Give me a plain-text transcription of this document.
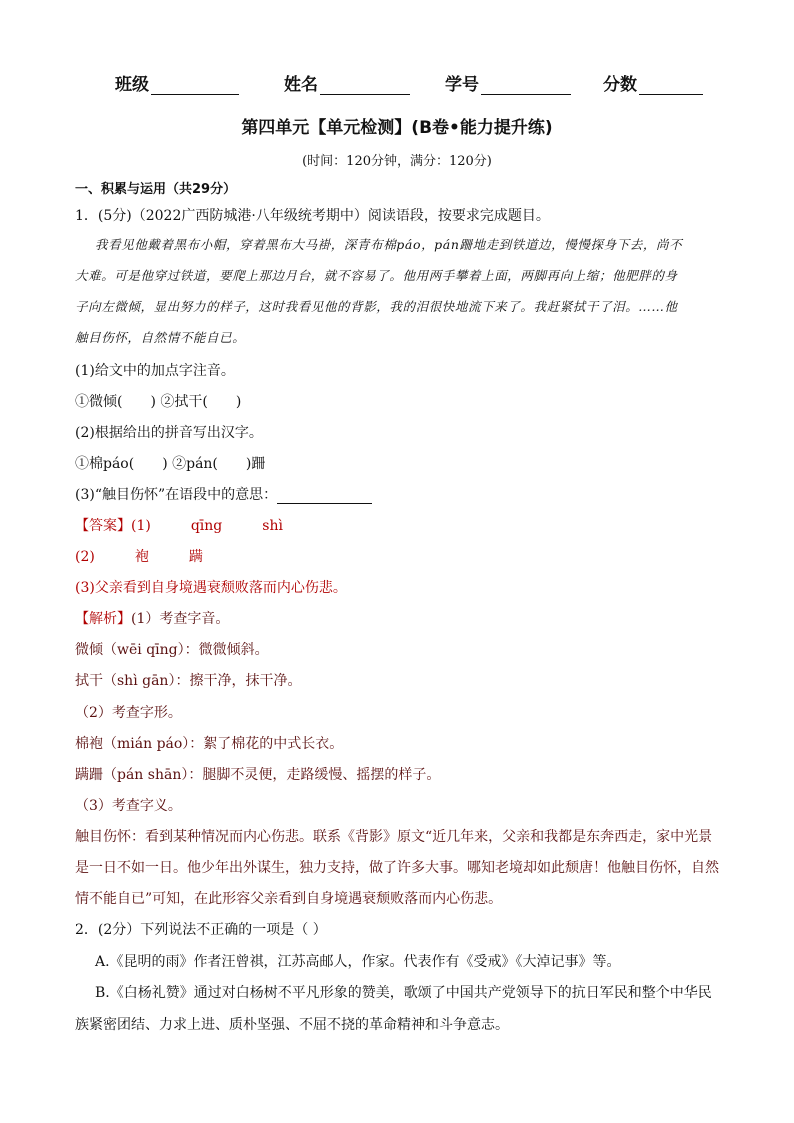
班级	姓名	学号	分数
第四单元【单元检测】(B卷•能力提升练)
(时间：120分钟，满分：120分)
一、积累与运用（共29分）
1．(5分)（2022广西防城港·八年级统考期中）阅读语段，按要求完成题目。
我看见他戴着黑布小帽，穿着黑布大马褂，深青布棉páo，pán跚地走到铁道边，慢慢探身下去，尚不
大难。可是他穿过铁道，要爬上那边月台，就不容易了。他用两手攀着上面，两脚再向上缩；他肥胖的身
子向左微倾，显出努力的样子，这时我看见他的背影，我的泪很快地流下来了。我赶紧拭干了泪。……他
触目伤怀，自然情不能自已。
(1)给文中的加点字注音。
①微倾(　　) ②拭干(　　)
(2)根据给出的拼音写出汉字。
①棉páo(　　) ②pán(　　)跚
(3)“触目伤怀”在语段中的意思：
【答案】(1)	qīng	shì
(2)	袍	蹒
(3)父亲看到自身境遇衰颓败落而内心伤悲。
【解析】(1）考查字音。
微倾（wēi qīng）：微微倾斜。
拭干（shì gān）：擦干净，抹干净。
（2）考查字形。
棉袍（mián páo）：絮了棉花的中式长衣。
蹒跚（pán shān）：腿脚不灵便，走路缓慢、摇摆的样子。
（3）考查字义。
触目伤怀：看到某种情况而内心伤悲。联系《背影》原文“近几年来，父亲和我都是东奔西走，家中光景
是一日不如一日。他少年出外谋生，独力支持，做了许多大事。哪知老境却如此颓唐！他触目伤怀，自然
情不能自已”可知，在此形容父亲看到自身境遇衰颓败落而内心伤悲。
2．(2分）下列说法不正确的一项是（ ）
A.《昆明的雨》作者汪曾祺，江苏高邮人，作家。代表作有《受戒》《大淖记事》等。
B.《白杨礼赞》通过对白杨树不平凡形象的赞美，歌颂了中国共产党领导下的抗日军民和整个中华民
族紧密团结、力求上进、质朴坚强、不屈不挠的革命精神和斗争意志。
